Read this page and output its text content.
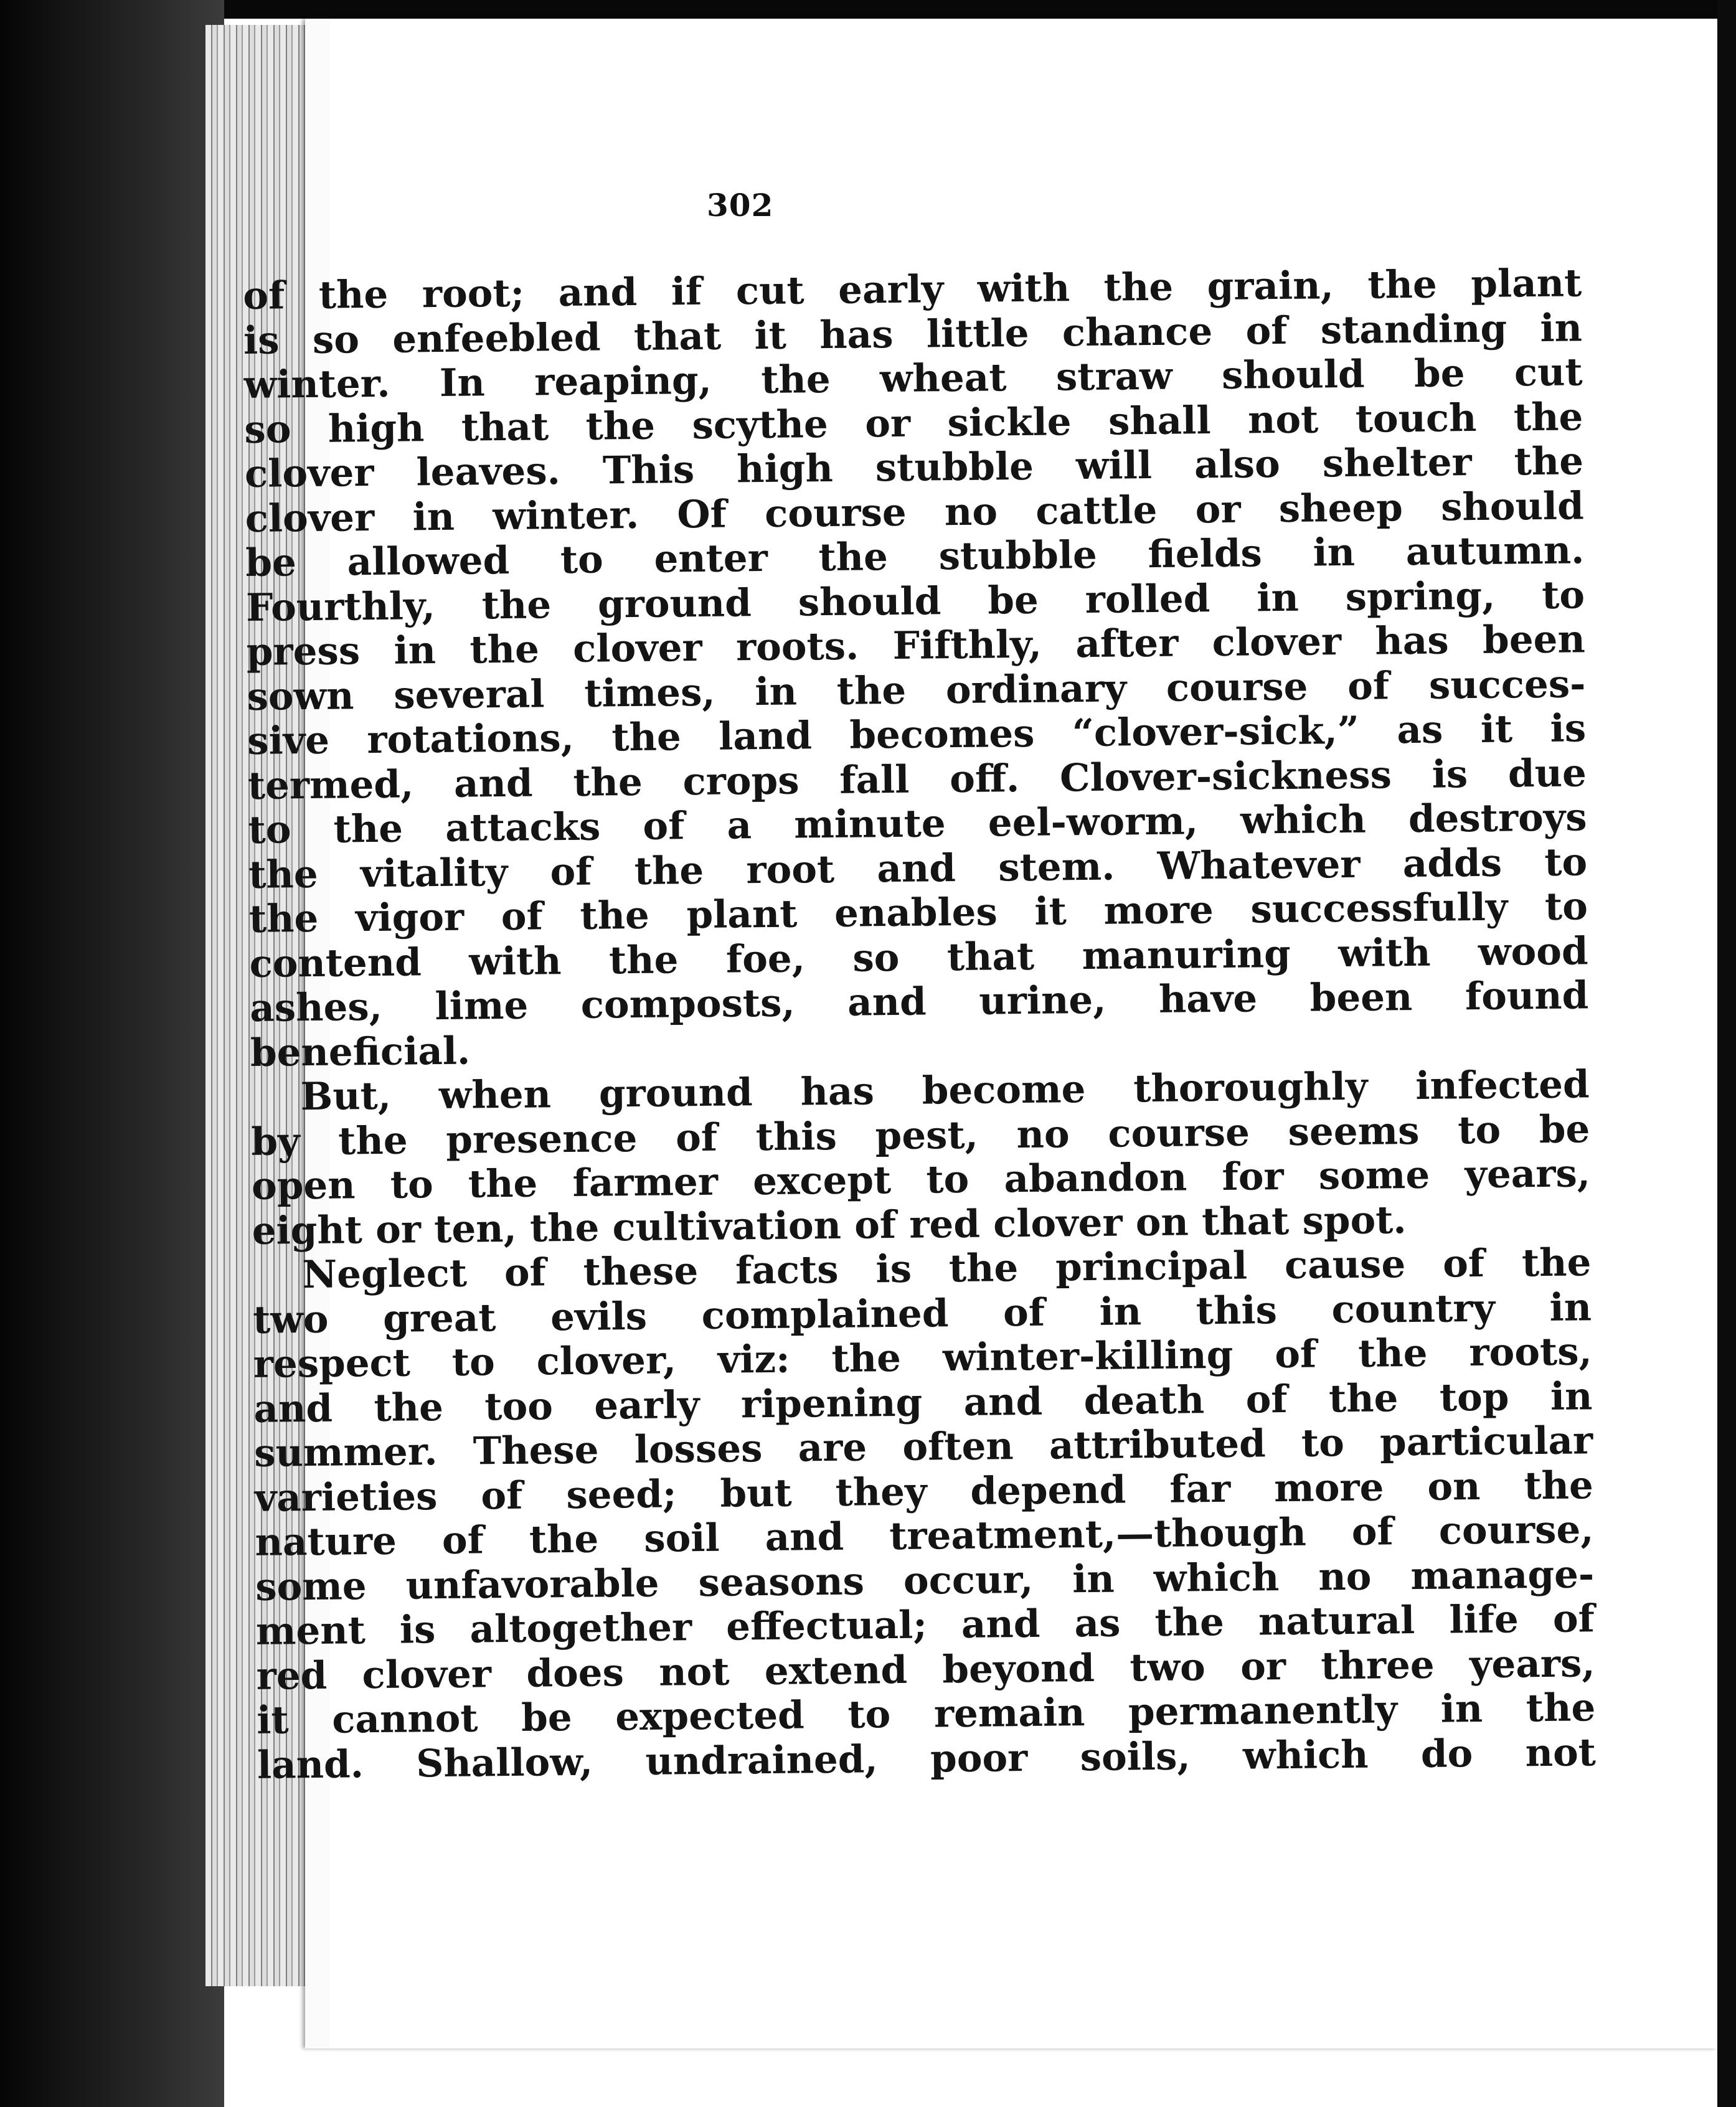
302
of the root; and if cut early with the grain, the plant
is so enfeebled that it has little chance of standing in
winter. In reaping, the wheat straw should be cut
so high that the scythe or sickle shall not touch the
clover leaves. This high stubble will also shelter the
clover in winter. Of course no cattle or sheep should
be allowed to enter the stubble fields in autumn.
Fourthly, the ground should be rolled in spring, to
press in the clover roots. Fifthly, after clover has been
sown several times, in the ordinary course of succes-
sive rotations, the land becomes “clover-sick,” as it is
termed, and the crops fall off. Clover-sickness is due
to the attacks of a minute eel-worm, which destroys
the vitality of the root and stem. Whatever adds to
the vigor of the plant enables it more successfully to
contend with the foe, so that manuring with wood
ashes, lime composts, and urine, have been found
beneficial.
But, when ground has become thoroughly infected
by the presence of this pest, no course seems to be
open to the farmer except to abandon for some years,
eight or ten, the cultivation of red clover on that spot.
Neglect of these facts is the principal cause of the
two great evils complained of in this country in
respect to clover, viz: the winter-killing of the roots,
and the too early ripening and death of the top in
summer. These losses are often attributed to particular
varieties of seed; but they depend far more on the
nature of the soil and treatment,—though of course,
some unfavorable seasons occur, in which no manage-
ment is altogether effectual; and as the natural life of
red clover does not extend beyond two or three years,
it cannot be expected to remain permanently in the
land. Shallow, undrained, poor soils, which do not
